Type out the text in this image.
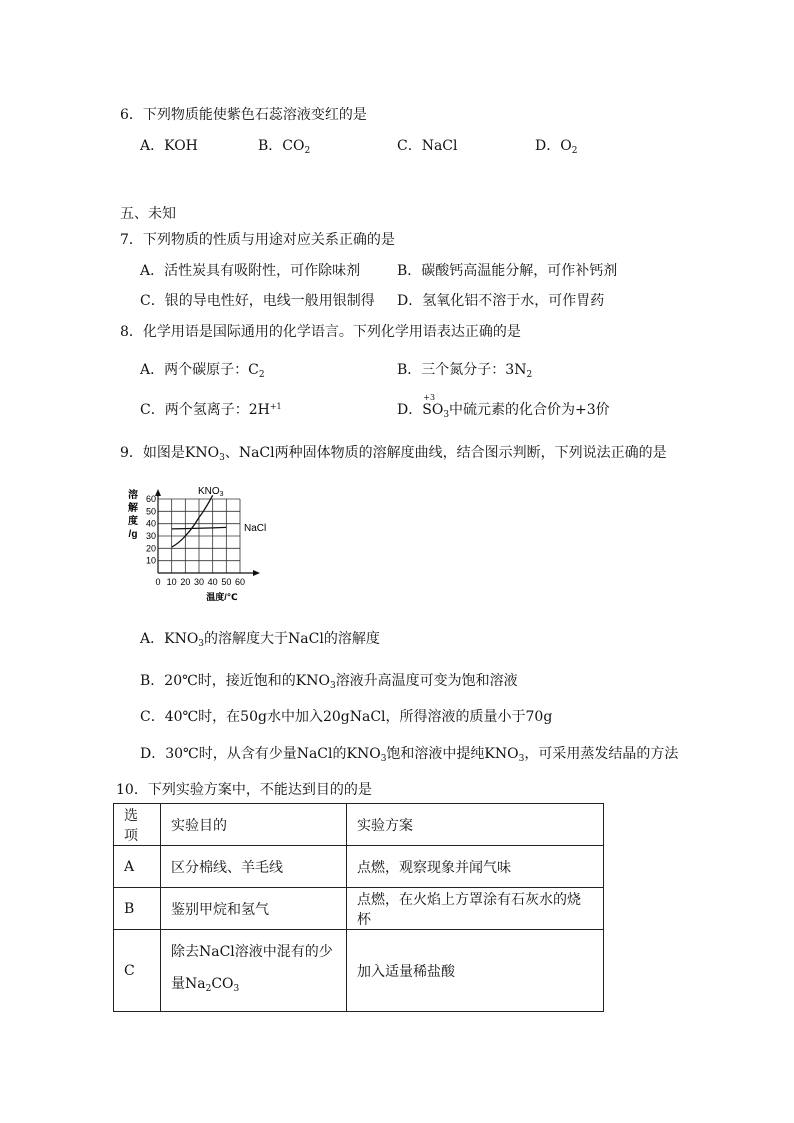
6．下列物质能使紫色石蕊溶液变红的是
A．KOH	B．$CO_2$	C．NaCl	D．$O_2$
五、未知
7．下列物质的性质与用途对应关系正确的是
A．活性炭具有吸附性，可作除味剂	B．碳酸钙高温能分解，可作补钙剂
C．银的导电性好，电线一般用银制得 D．氢氧化铝不溶于水，可作胃药
8．化学用语是国际通用的化学语言。下列化学用语表达正确的是
A．两个碳原子：$C_2$	B．三个氮分子：$3N_2$
C．两个氢离子：$2H^{+1}$	D．
+3
$SO_3$中硫元素的化合价为+3价
9．如图是$KNO_3$、NaCl两种固体物质的溶解度曲线，结合图示判断，下列说法正确的是
0 10 20 30 40 50 60
10
20
30
40
50
60
溶
解
度
/g
温度/℃
$KNO_3$
NaCl
A．$KNO_3$的溶解度大于NaCl的溶解度
B．20℃时，接近饱和的$KNO_3$溶液升高温度可变为饱和溶液
C．40℃时，在50g水中加入20gNaCl，所得溶液的质量小于70g
D．30℃时，从含有少量NaCl的$KNO_3$饱和溶液中提纯$KNO_3$，可采用蒸发结晶的方法
10．下列实验方案中，不能达到目的的是
选项	实验目的	实验方案
A	区分棉线、羊毛线	点燃，观察现象并闻气味
B	鉴别甲烷和氢气	点燃，在火焰上方罩涂有石灰水的烧杯
C	除去NaCl溶液中混有的少
量$Na_2CO_3$	加入适量稀盐酸
